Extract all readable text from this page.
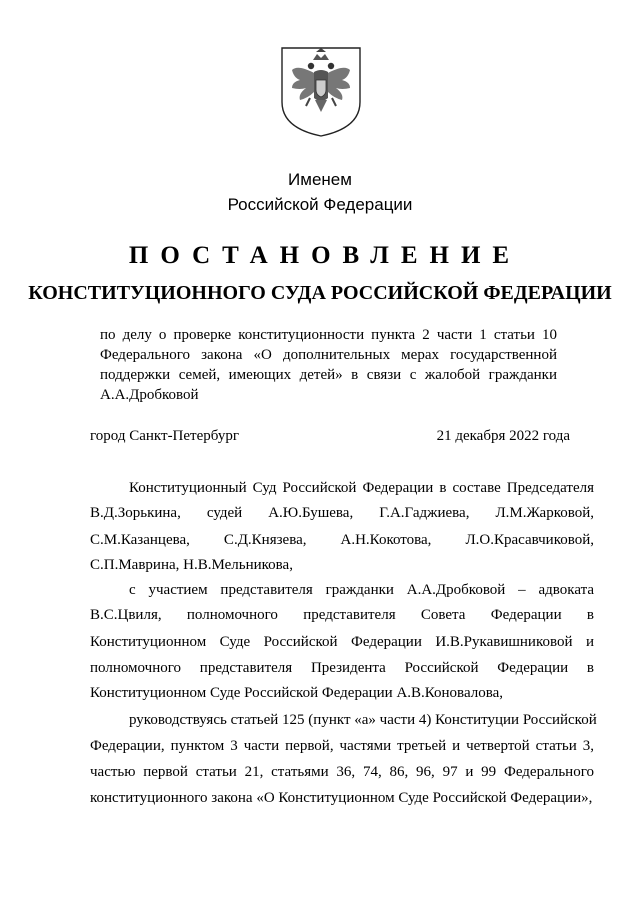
Именем
Российской Федерации
ПОСТАНОВЛЕНИЕ
КОНСТИТУЦИОННОГО СУДА РОССИЙСКОЙ ФЕДЕРАЦИИ
по делу о проверке конституционности пункта 2 части 1 статьи 10
Федерального закона «О дополнительных мерах государственной
поддержки семей, имеющих детей» в связи с жалобой гражданки
А.А.Дробковой
город Санкт-Петербург	21 декабря 2022 года
Конституционный Суд Российской Федерации в составе Председателя
В.Д.Зорькина, судей А.Ю.Бушева, Г.А.Гаджиева, Л.М.Жарковой,
С.М.Казанцева, С.Д.Князева, А.Н.Кокотова, Л.О.Красавчиковой,
С.П.Маврина, Н.В.Мельникова,
с участием представителя гражданки А.А.Дробковой – адвоката
В.С.Цвиля, полномочного представителя Совета Федерации в
Конституционном Суде Российской Федерации И.В.Рукавишниковой и
полномочного представителя Президента Российской Федерации в
Конституционном Суде Российской Федерации А.В.Коновалова,
руководствуясь статьей 125 (пункт «а» части 4) Конституции Российской
Федерации, пунктом 3 части первой, частями третьей и четвертой статьи 3,
частью первой статьи 21, статьями 36, 74, 86, 96, 97 и 99 Федерального
конституционного закона «О Конституционном Суде Российской Федерации»,
